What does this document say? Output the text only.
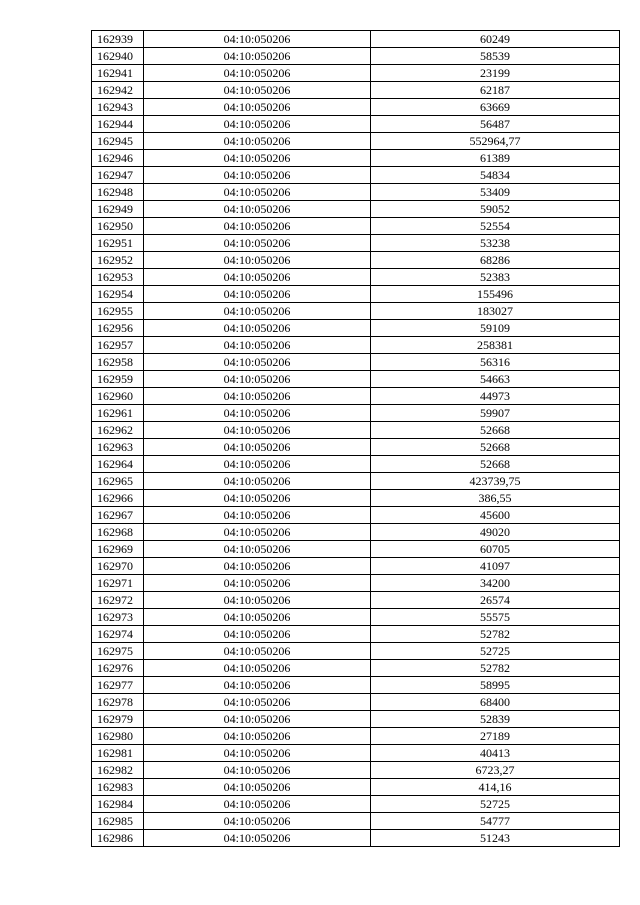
162939	04:10:050206	60249
162940	04:10:050206	58539
162941	04:10:050206	23199
162942	04:10:050206	62187
162943	04:10:050206	63669
162944	04:10:050206	56487
162945	04:10:050206	552964,77
162946	04:10:050206	61389
162947	04:10:050206	54834
162948	04:10:050206	53409
162949	04:10:050206	59052
162950	04:10:050206	52554
162951	04:10:050206	53238
162952	04:10:050206	68286
162953	04:10:050206	52383
162954	04:10:050206	155496
162955	04:10:050206	183027
162956	04:10:050206	59109
162957	04:10:050206	258381
162958	04:10:050206	56316
162959	04:10:050206	54663
162960	04:10:050206	44973
162961	04:10:050206	59907
162962	04:10:050206	52668
162963	04:10:050206	52668
162964	04:10:050206	52668
162965	04:10:050206	423739,75
162966	04:10:050206	386,55
162967	04:10:050206	45600
162968	04:10:050206	49020
162969	04:10:050206	60705
162970	04:10:050206	41097
162971	04:10:050206	34200
162972	04:10:050206	26574
162973	04:10:050206	55575
162974	04:10:050206	52782
162975	04:10:050206	52725
162976	04:10:050206	52782
162977	04:10:050206	58995
162978	04:10:050206	68400
162979	04:10:050206	52839
162980	04:10:050206	27189
162981	04:10:050206	40413
162982	04:10:050206	6723,27
162983	04:10:050206	414,16
162984	04:10:050206	52725
162985	04:10:050206	54777
162986	04:10:050206	51243
